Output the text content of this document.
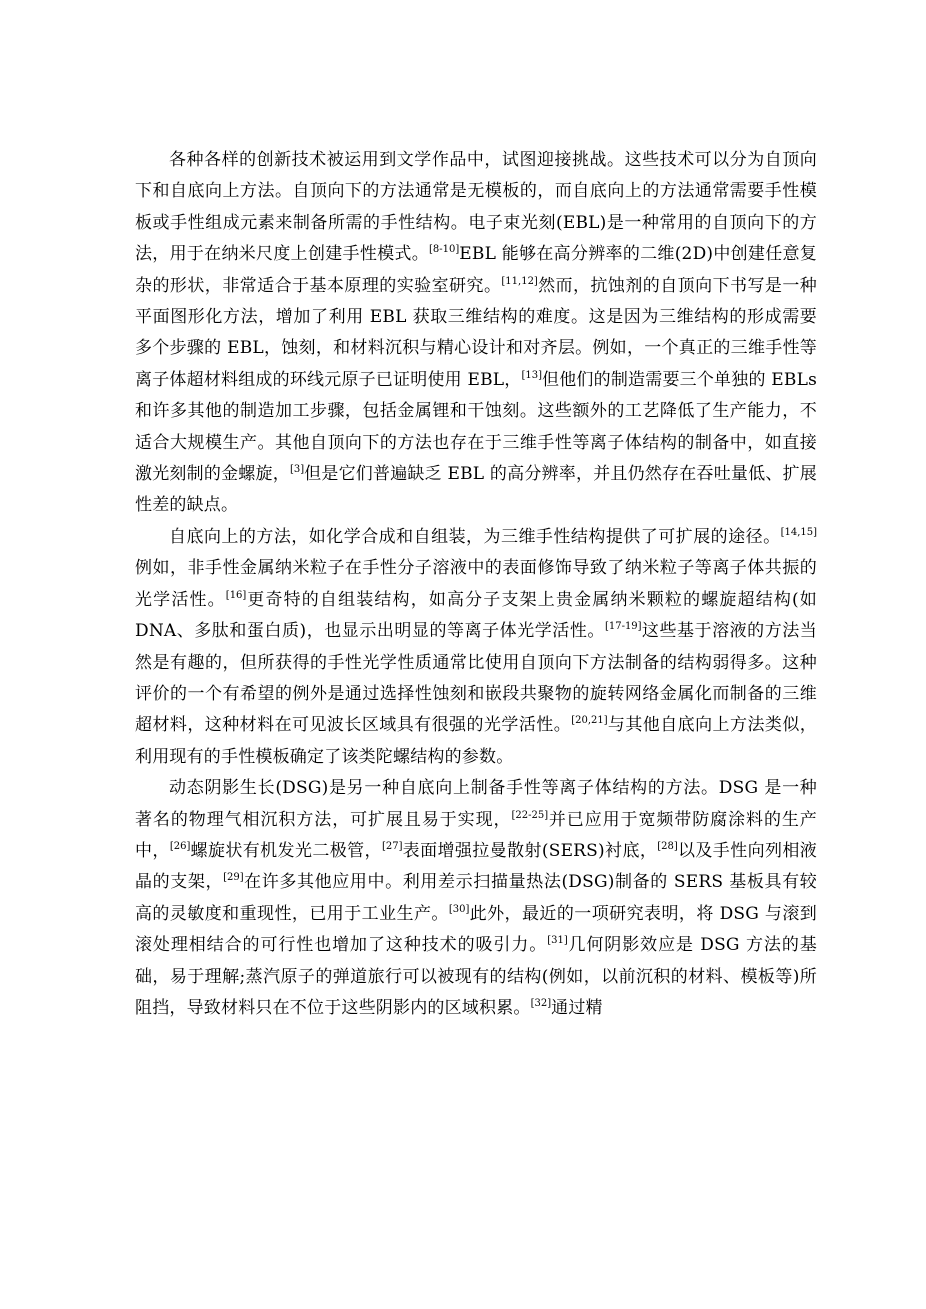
各种各样的创新技术被运用到文学作品中，试图迎接挑战。这些技术可以分为自顶向下和自底向上方法。自顶向下的方法通常是无模板的，而自底向上的方法通常需要手性模板或手性组成元素来制备所需的手性结构。电子束光刻(EBL)是一种常用的自顶向下的方法，用于在纳米尺度上创建手性模式。[8-10]EBL 能够在高分辨率的二维(2D)中创建任意复杂的形状，非常适合于基本原理的实验室研究。[11,12]然而，抗蚀剂的自顶向下书写是一种平面图形化方法，增加了利用 EBL 获取三维结构的难度。这是因为三维结构的形成需要多个步骤的 EBL，蚀刻，和材料沉积与精心设计和对齐层。例如，一个真正的三维手性等离子体超材料组成的环线元原子已证明使用 EBL，[13]但他们的制造需要三个单独的 EBLs 和许多其他的制造加工步骤，包括金属锂和干蚀刻。这些额外的工艺降低了生产能力，不适合大规模生产。其他自顶向下的方法也存在于三维手性等离子体结构的制备中，如直接激光刻制的金螺旋，[3]但是它们普遍缺乏 EBL 的高分辨率，并且仍然存在吞吐量低、扩展性差的缺点。

自底向上的方法，如化学合成和自组装，为三维手性结构提供了可扩展的途径。[14,15]例如，非手性金属纳米粒子在手性分子溶液中的表面修饰导致了纳米粒子等离子体共振的光学活性。[16]更奇特的自组装结构，如高分子支架上贵金属纳米颗粒的螺旋超结构(如 DNA、多肽和蛋白质)，也显示出明显的等离子体光学活性。[17-19]这些基于溶液的方法当然是有趣的，但所获得的手性光学性质通常比使用自顶向下方法制备的结构弱得多。这种评价的一个有希望的例外是通过选择性蚀刻和嵌段共聚物的旋转网络金属化而制备的三维超材料，这种材料在可见波长区域具有很强的光学活性。[20,21]与其他自底向上方法类似，利用现有的手性模板确定了该类陀螺结构的参数。

动态阴影生长(DSG)是另一种自底向上制备手性等离子体结构的方法。DSG 是一种著名的物理气相沉积方法，可扩展且易于实现，[22-25]并已应用于宽频带防腐涂料的生产中，[26]螺旋状有机发光二极管，[27]表面增强拉曼散射(SERS)衬底，[28]以及手性向列相液晶的支架，[29]在许多其他应用中。利用差示扫描量热法(DSG)制备的 SERS 基板具有较高的灵敏度和重现性，已用于工业生产。[30]此外，最近的一项研究表明，将 DSG 与滚到滚处理相结合的可行性也增加了这种技术的吸引力。[31]几何阴影效应是 DSG 方法的基础，易于理解;蒸汽原子的弹道旅行可以被现有的结构(例如，以前沉积的材料、模板等)所阻挡，导致材料只在不位于这些阴影内的区域积累。[32]通过精
